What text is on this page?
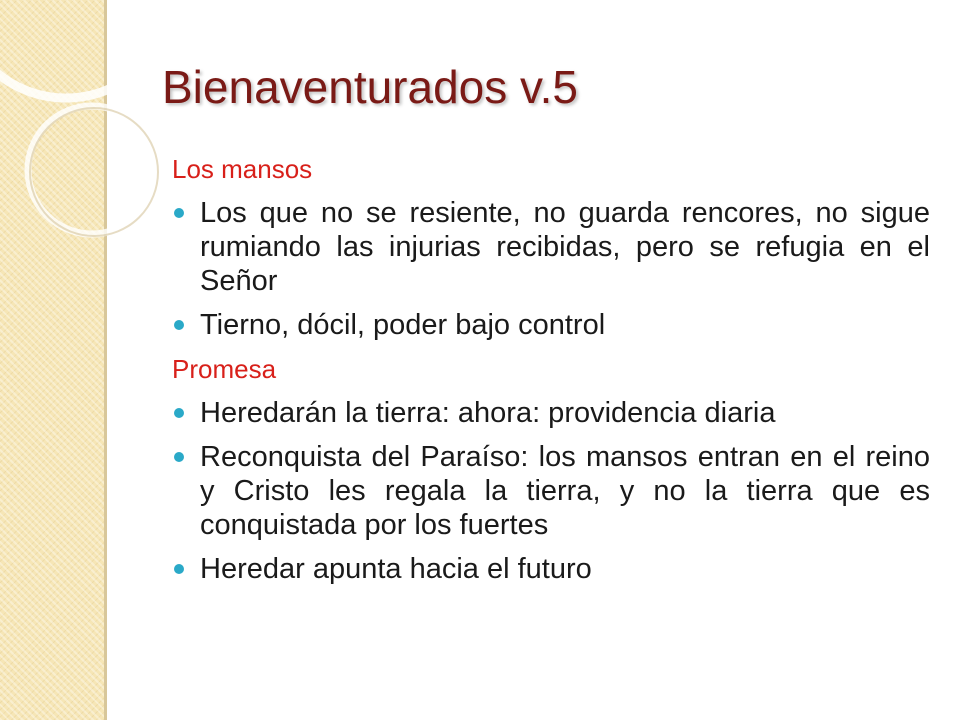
Bienaventurados v.5

Los mansos

Los que no se resiente, no guarda rencores, no sigue rumiando las injurias recibidas, pero se refugia en el Señor
Tierno, dócil, poder bajo control

Promesa

Heredarán la tierra: ahora: providencia diaria
Reconquista del Paraíso: los mansos entran en el reino y Cristo les regala la tierra, y no la tierra que es conquistada por los fuertes
Heredar apunta hacia el futuro
